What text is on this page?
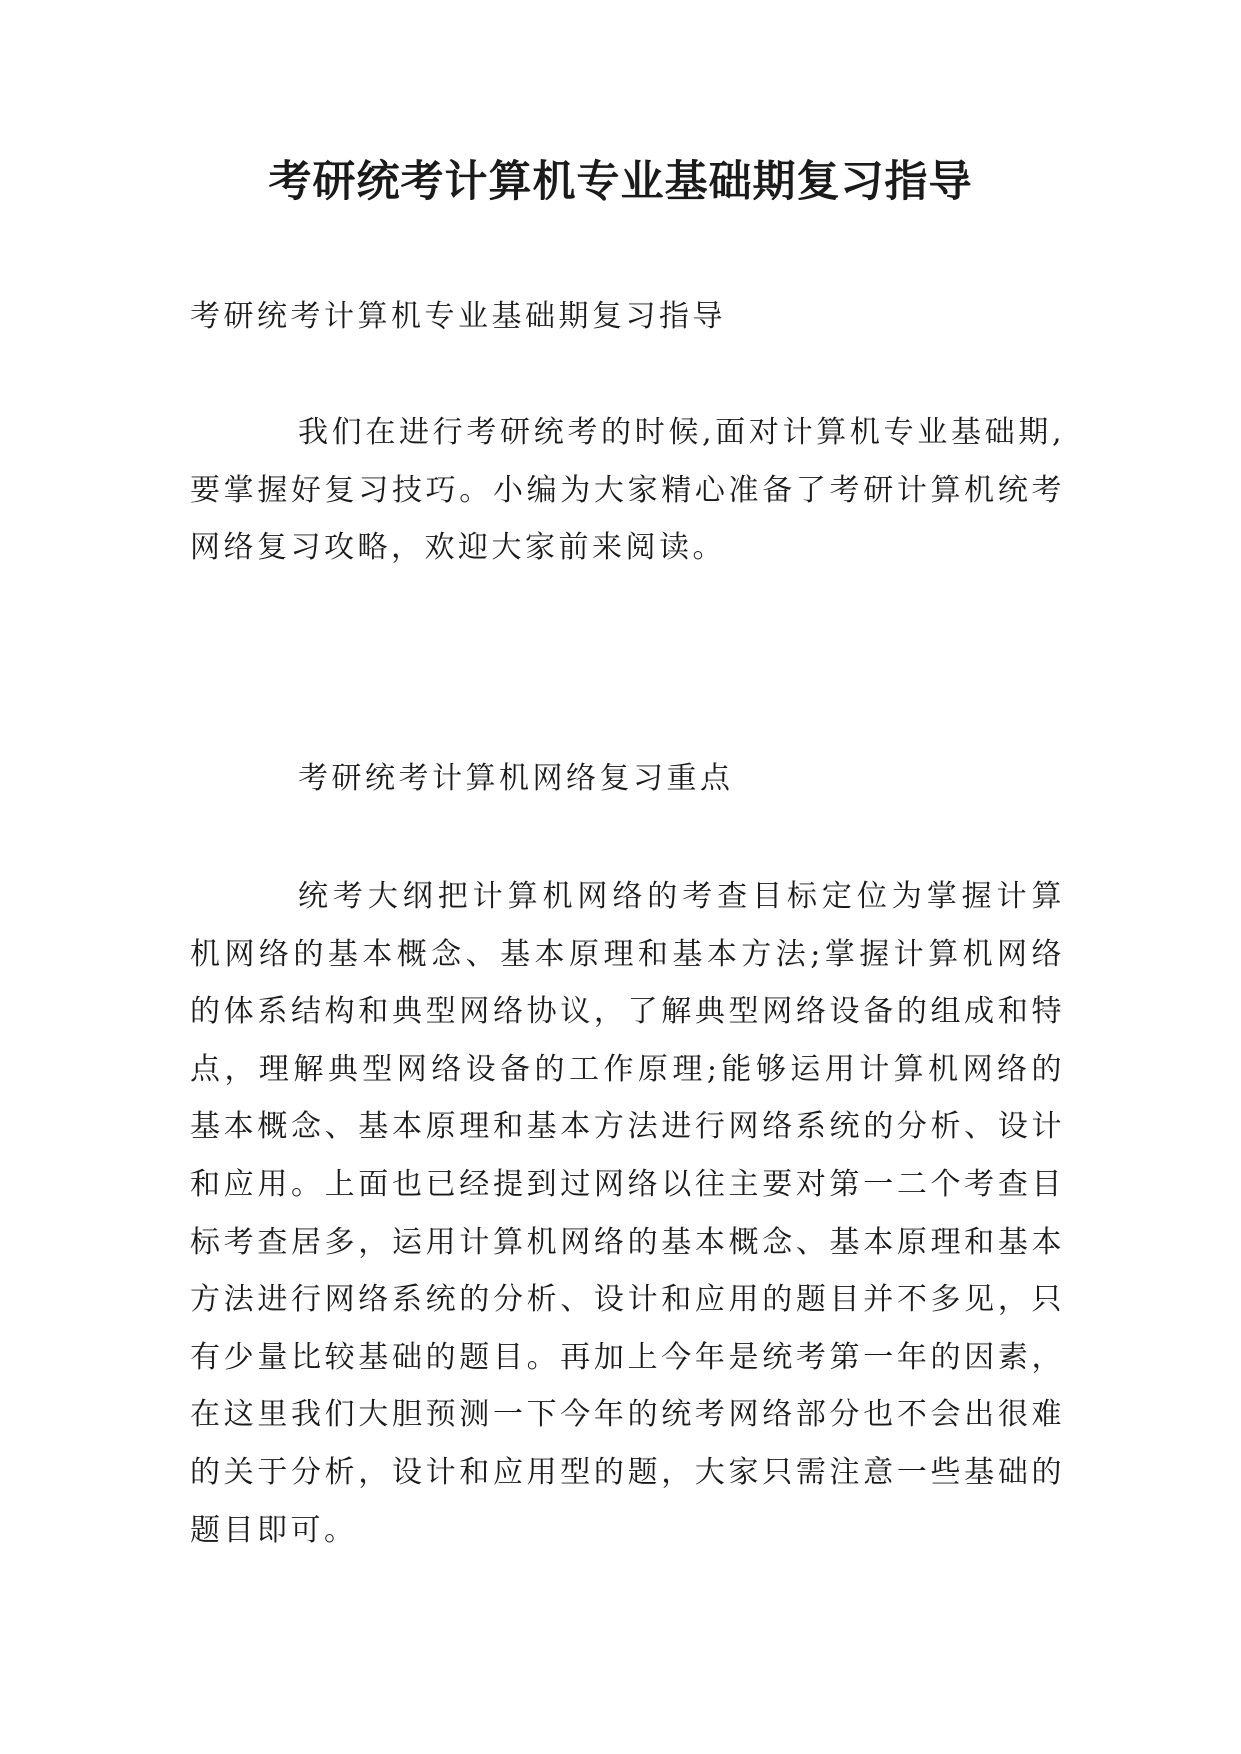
考研统考计算机专业基础期复习指导

考研统考计算机专业基础期复习指导

我们在进行考研统考的时候,面对计算机专业基础期,要掌握好复习技巧。小编为大家精心准备了考研计算机统考网络复习攻略，欢迎大家前来阅读。

考研统考计算机网络复习重点

统考大纲把计算机网络的考查目标定位为掌握计算机网络的基本概念、基本原理和基本方法;掌握计算机网络的体系结构和典型网络协议，了解典型网络设备的组成和特点，理解典型网络设备的工作原理;能够运用计算机网络的基本概念、基本原理和基本方法进行网络系统的分析、设计和应用。上面也已经提到过网络以往主要对第一二个考查目标考查居多，运用计算机网络的基本概念、基本原理和基本方法进行网络系统的分析、设计和应用的题目并不多见，只有少量比较基础的题目。再加上今年是统考第一年的因素，在这里我们大胆预测一下今年的统考网络部分也不会出很难的关于分析，设计和应用型的题，大家只需注意一些基础的题目即可。
